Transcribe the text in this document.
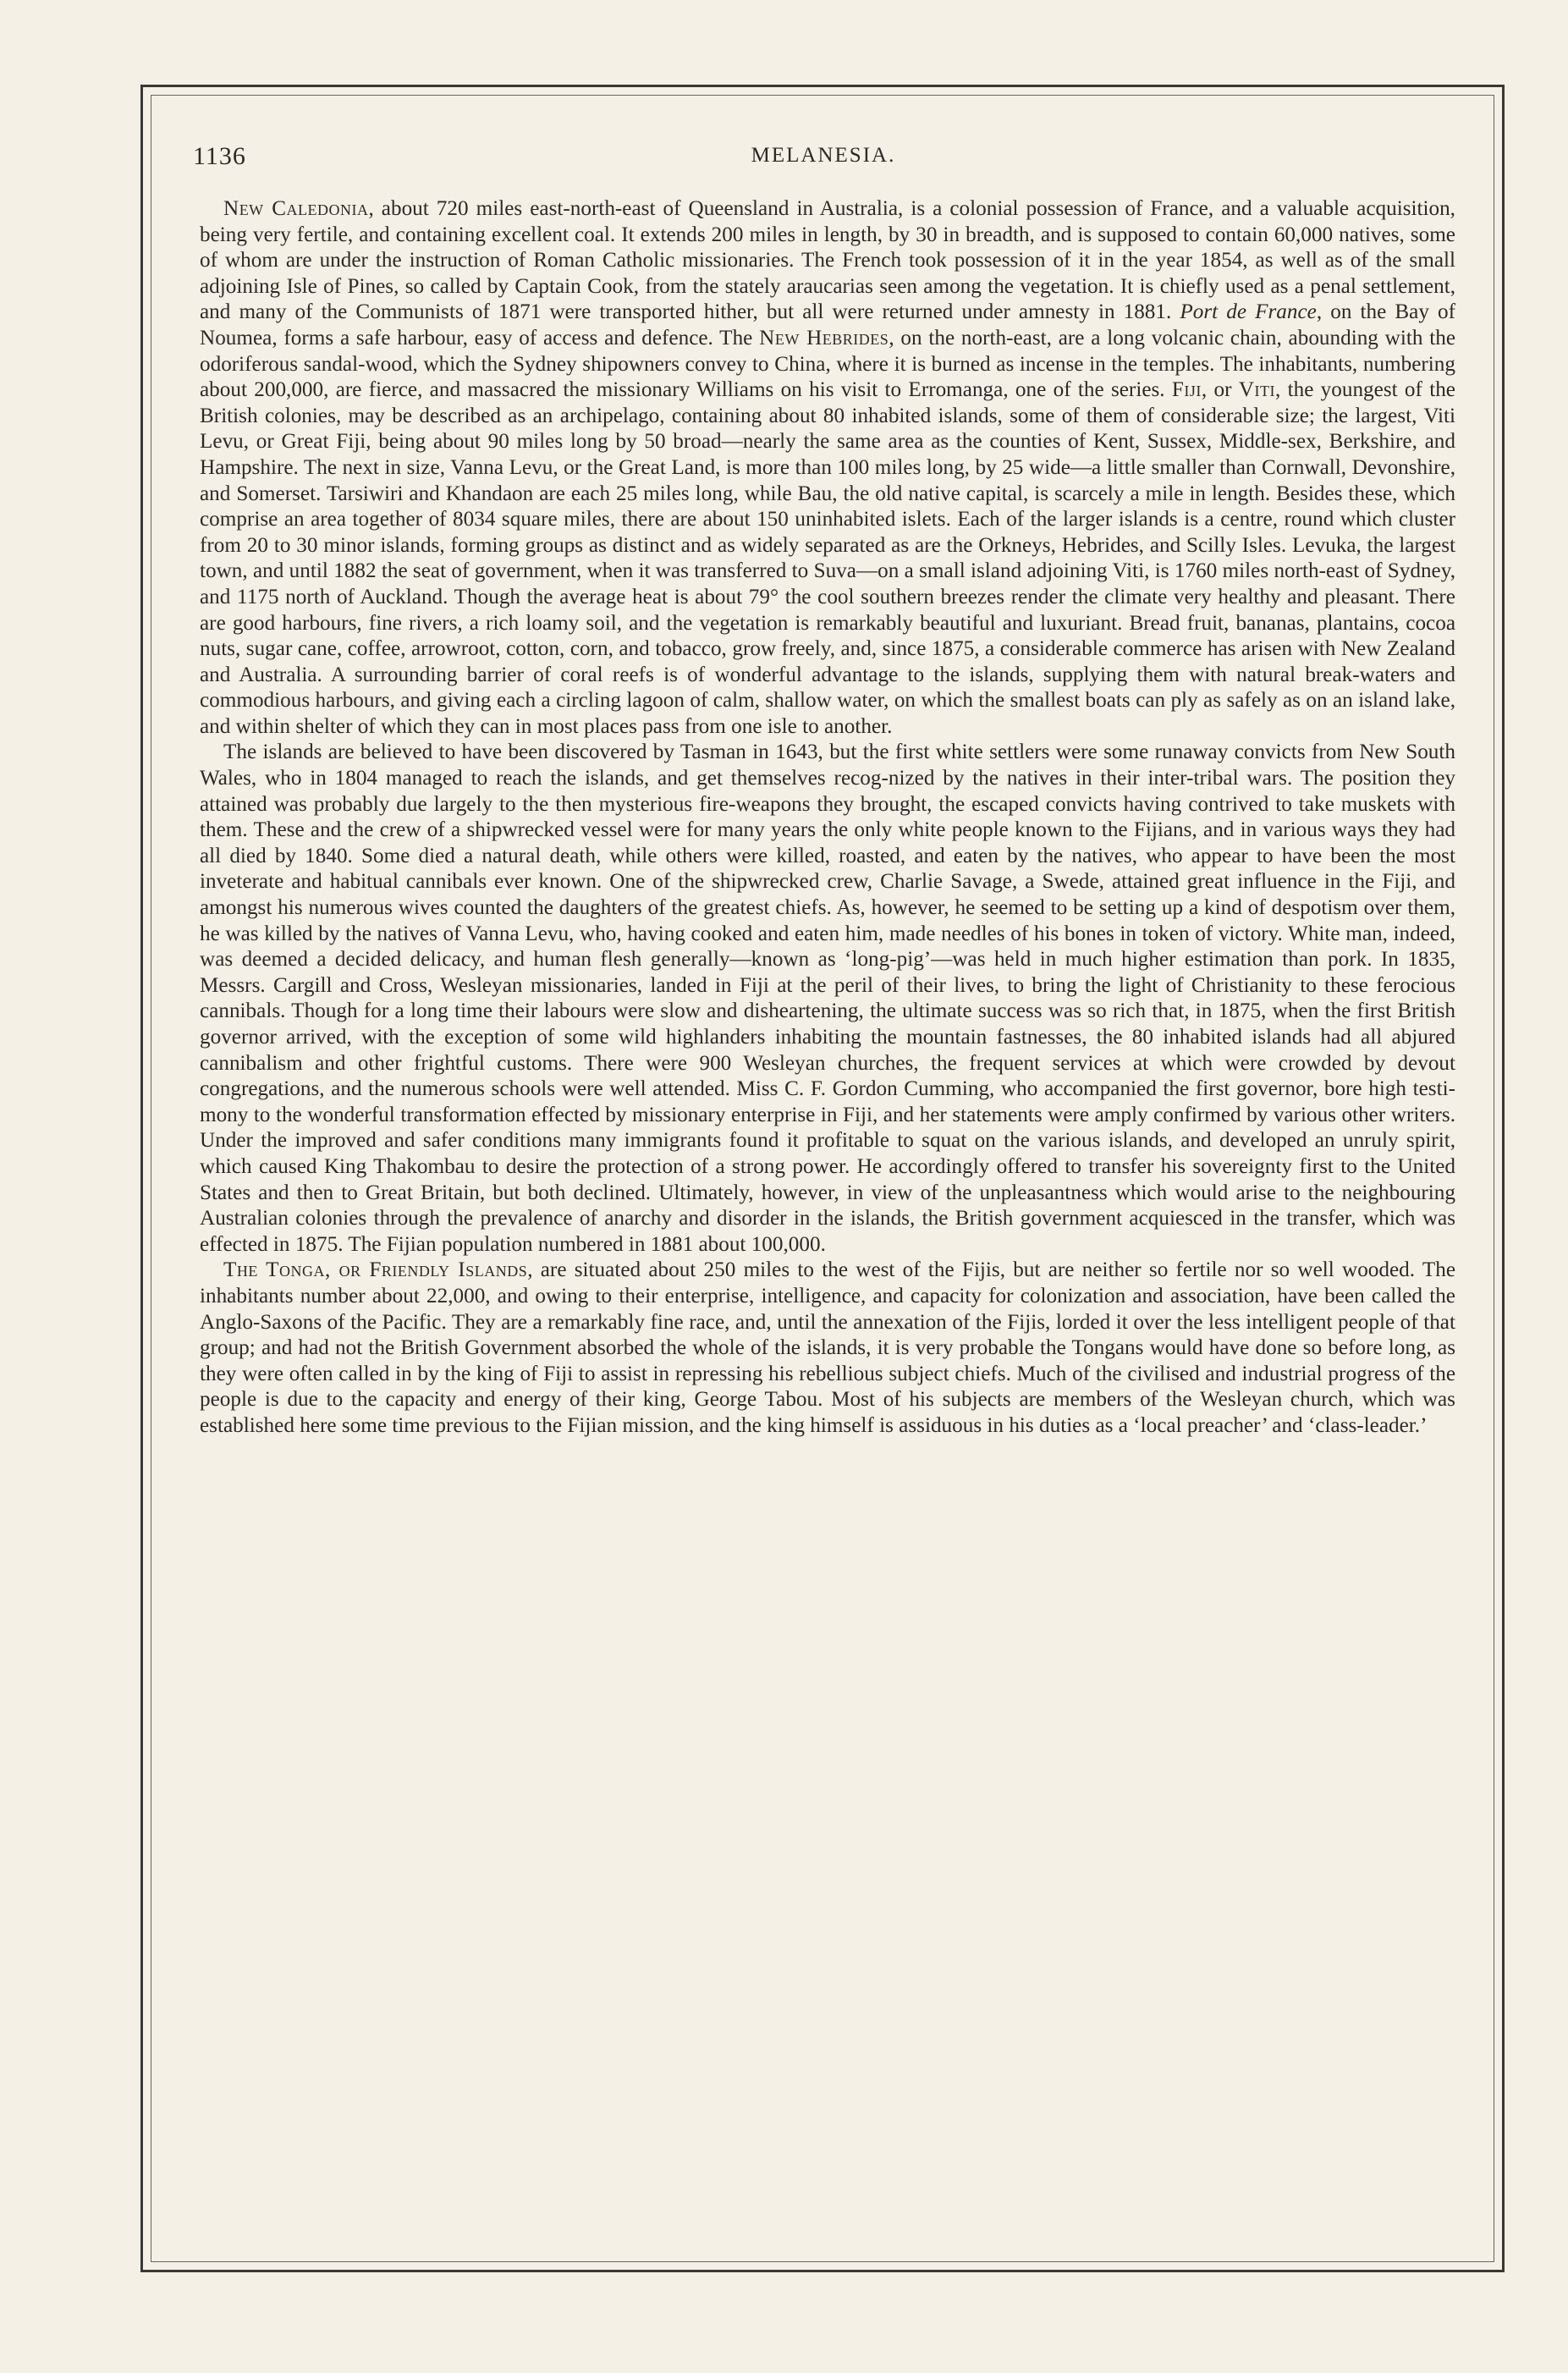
1136	MELANESIA.

New Caledonia, about 720 miles east-north-east of Queensland in Australia, is a colonial possession of France, and a valuable acquisition, being very fertile, and containing excellent coal. It extends 200 miles in length, by 30 in breadth, and is supposed to contain 60,000 natives, some of whom are under the instruction of Roman Catholic missionaries. The French took possession of it in the year 1854, as well as of the small adjoining Isle of Pines, so called by Captain Cook, from the stately araucarias seen among the vegetation. It is chiefly used as a penal settlement, and many of the Communists of 1871 were transported hither, but all were returned under amnesty in 1881. Port de France, on the Bay of Noumea, forms a safe harbour, easy of access and defence. The New Hebrides, on the north-east, are a long volcanic chain, abounding with the odoriferous sandal-wood, which the Sydney shipowners convey to China, where it is burned as incense in the temples. The inhabitants, numbering about 200,000, are fierce, and massacred the missionary Williams on his visit to Erromanga, one of the series. Fiji, or Viti, the youngest of the British colonies, may be described as an archipelago, containing about 80 inhabited islands, some of them of considerable size; the largest, Viti Levu, or Great Fiji, being about 90 miles long by 50 broad—nearly the same area as the counties of Kent, Sussex, Middle-sex, Berkshire, and Hampshire. The next in size, Vanna Levu, or the Great Land, is more than 100 miles long, by 25 wide—a little smaller than Cornwall, Devonshire, and Somerset. Tarsiwiri and Khandaon are each 25 miles long, while Bau, the old native capital, is scarcely a mile in length. Besides these, which comprise an area together of 8034 square miles, there are about 150 uninhabited islets. Each of the larger islands is a centre, round which cluster from 20 to 30 minor islands, forming groups as distinct and as widely separated as are the Orkneys, Hebrides, and Scilly Isles. Levuka, the largest town, and until 1882 the seat of government, when it was transferred to Suva—on a small island adjoining Viti, is 1760 miles north-east of Sydney, and 1175 north of Auckland. Though the average heat is about 79° the cool southern breezes render the climate very healthy and pleasant. There are good harbours, fine rivers, a rich loamy soil, and the vegetation is remarkably beautiful and luxuriant. Bread fruit, bananas, plantains, cocoa nuts, sugar cane, coffee, arrowroot, cotton, corn, and tobacco, grow freely, and, since 1875, a considerable commerce has arisen with New Zealand and Australia. A surrounding barrier of coral reefs is of wonderful advantage to the islands, supplying them with natural break-waters and commodious harbours, and giving each a circling lagoon of calm, shallow water, on which the smallest boats can ply as safely as on an island lake, and within shelter of which they can in most places pass from one isle to another.

The islands are believed to have been discovered by Tasman in 1643, but the first white settlers were some runaway convicts from New South Wales, who in 1804 managed to reach the islands, and get themselves recog-nized by the natives in their inter-tribal wars. The position they attained was probably due largely to the then mysterious fire-weapons they brought, the escaped convicts having contrived to take muskets with them. These and the crew of a shipwrecked vessel were for many years the only white people known to the Fijians, and in various ways they had all died by 1840. Some died a natural death, while others were killed, roasted, and eaten by the natives, who appear to have been the most inveterate and habitual cannibals ever known. One of the shipwrecked crew, Charlie Savage, a Swede, attained great influence in the Fiji, and amongst his numerous wives counted the daughters of the greatest chiefs. As, however, he seemed to be setting up a kind of despotism over them, he was killed by the natives of Vanna Levu, who, having cooked and eaten him, made needles of his bones in token of victory. White man, indeed, was deemed a decided delicacy, and human flesh generally—known as ‘long-pig’—was held in much higher estimation than pork. In 1835, Messrs. Cargill and Cross, Wesleyan missionaries, landed in Fiji at the peril of their lives, to bring the light of Christianity to these ferocious cannibals. Though for a long time their labours were slow and disheartening, the ultimate success was so rich that, in 1875, when the first British governor arrived, with the exception of some wild highlanders inhabiting the mountain fastnesses, the 80 inhabited islands had all abjured cannibalism and other frightful customs. There were 900 Wesleyan churches, the frequent services at which were crowded by devout congregations, and the numerous schools were well attended. Miss C. F. Gordon Cumming, who accompanied the first governor, bore high testi-mony to the wonderful transformation effected by missionary enterprise in Fiji, and her statements were amply confirmed by various other writers. Under the improved and safer conditions many immigrants found it profitable to squat on the various islands, and developed an unruly spirit, which caused King Thakombau to desire the protection of a strong power. He accordingly offered to transfer his sovereignty first to the United States and then to Great Britain, but both declined. Ultimately, however, in view of the unpleasantness which would arise to the neighbouring Australian colonies through the prevalence of anarchy and disorder in the islands, the British government acquiesced in the transfer, which was effected in 1875. The Fijian population numbered in 1881 about 100,000.

The Tonga, or Friendly Islands, are situated about 250 miles to the west of the Fijis, but are neither so fertile nor so well wooded. The inhabitants number about 22,000, and owing to their enterprise, intelligence, and capacity for colonization and association, have been called the Anglo-Saxons of the Pacific. They are a remarkably fine race, and, until the annexation of the Fijis, lorded it over the less intelligent people of that group; and had not the British Government absorbed the whole of the islands, it is very probable the Tongans would have done so before long, as they were often called in by the king of Fiji to assist in repressing his rebellious subject chiefs. Much of the civilised and industrial progress of the people is due to the capacity and energy of their king, George Tabou. Most of his subjects are members of the Wesleyan church, which was established here some time previous to the Fijian mission, and the king himself is assiduous in his duties as a ‘local preacher’ and ‘class-leader.’
